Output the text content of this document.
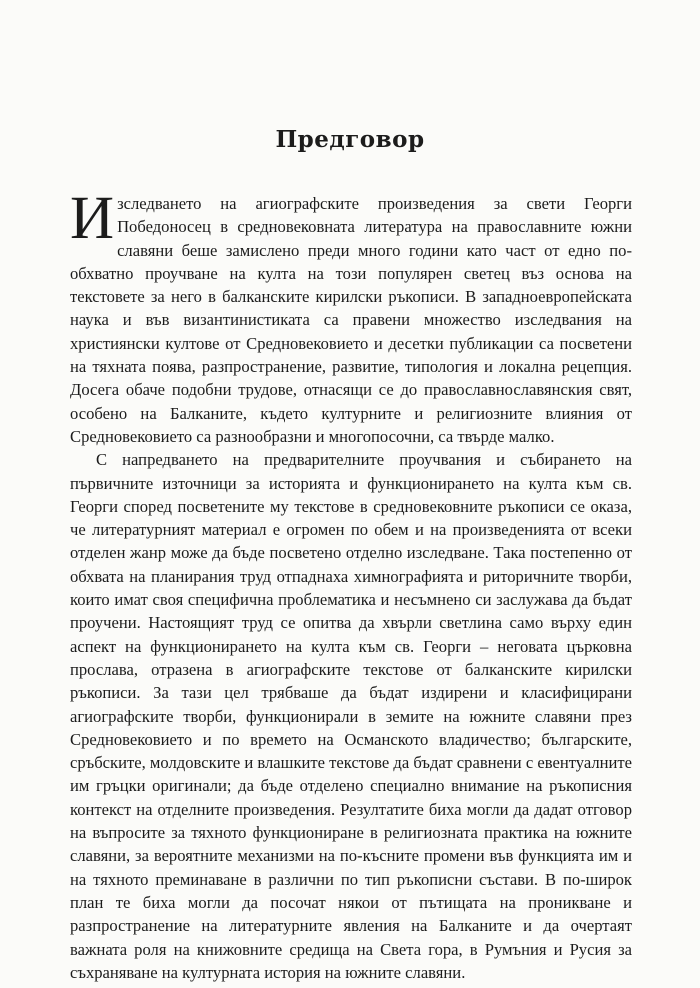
Предговор

Изследването на агиографските произведения за свети Георги Победоносец в средновековната литература на православните южни славяни беше замислено преди много години като част от едно по-обхватно проучване на култа на този популярен светец въз основа на текстовете за него в балканските кирилски ръкописи. В западноевропейската наука и във византинистиката са правени множество изследвания на християнски култове от Средновековието и десетки публикации са посветени на тяхната поява, разпространение, развитие, типология и локална рецепция. Досега обаче подобни трудове, отнасящи се до православнославянския свят, особено на Балканите, където културните и религиозните влияния от Средновековието са разнообразни и многопосочни, са твърде малко.

С напредването на предварителните проучвания и събирането на първичните източници за историята и функционирането на култа към св. Георги според посветените му текстове в средновековните ръкописи се оказа, че литературният материал е огромен по обем и на произведенията от всеки отделен жанр може да бъде посветено отделно изследване. Така постепенно от обхвата на планирания труд отпаднаха химнографията и риторичните творби, които имат своя специфична проблематика и несъмнено си заслужава да бъдат проучени. Настоящият труд се опитва да хвърли светлина само върху един аспект на функционирането на култа към св. Георги – неговата църковна прослава, отразена в агиографските текстове от балканските кирилски ръкописи. За тази цел трябваше да бъдат издирени и класифицирани агиографските творби, функционирали в земите на южните славяни през Средновековието и по времето на Османското владичество; българските, сръбските, молдовските и влашките текстове да бъдат сравнени с евентуалните им гръцки оригинали; да бъде отделено специално внимание на ръкописния контекст на отделните произведения. Резултатите биха могли да дадат отговор на въпросите за тяхното функциониране в религиозната практика на южните славяни, за вероятните механизми на по-късните промени във функцията им и на тяхното преминаване в различни по тип ръкописни състави. В по-широк план те биха могли да посочат някои от пътищата на проникване и разпространение на литературните явления на Балканите и да очертаят важната роля на книжовните средища на Света гора, в Румъния и Русия за съхраняване на културната история на южните славяни.
